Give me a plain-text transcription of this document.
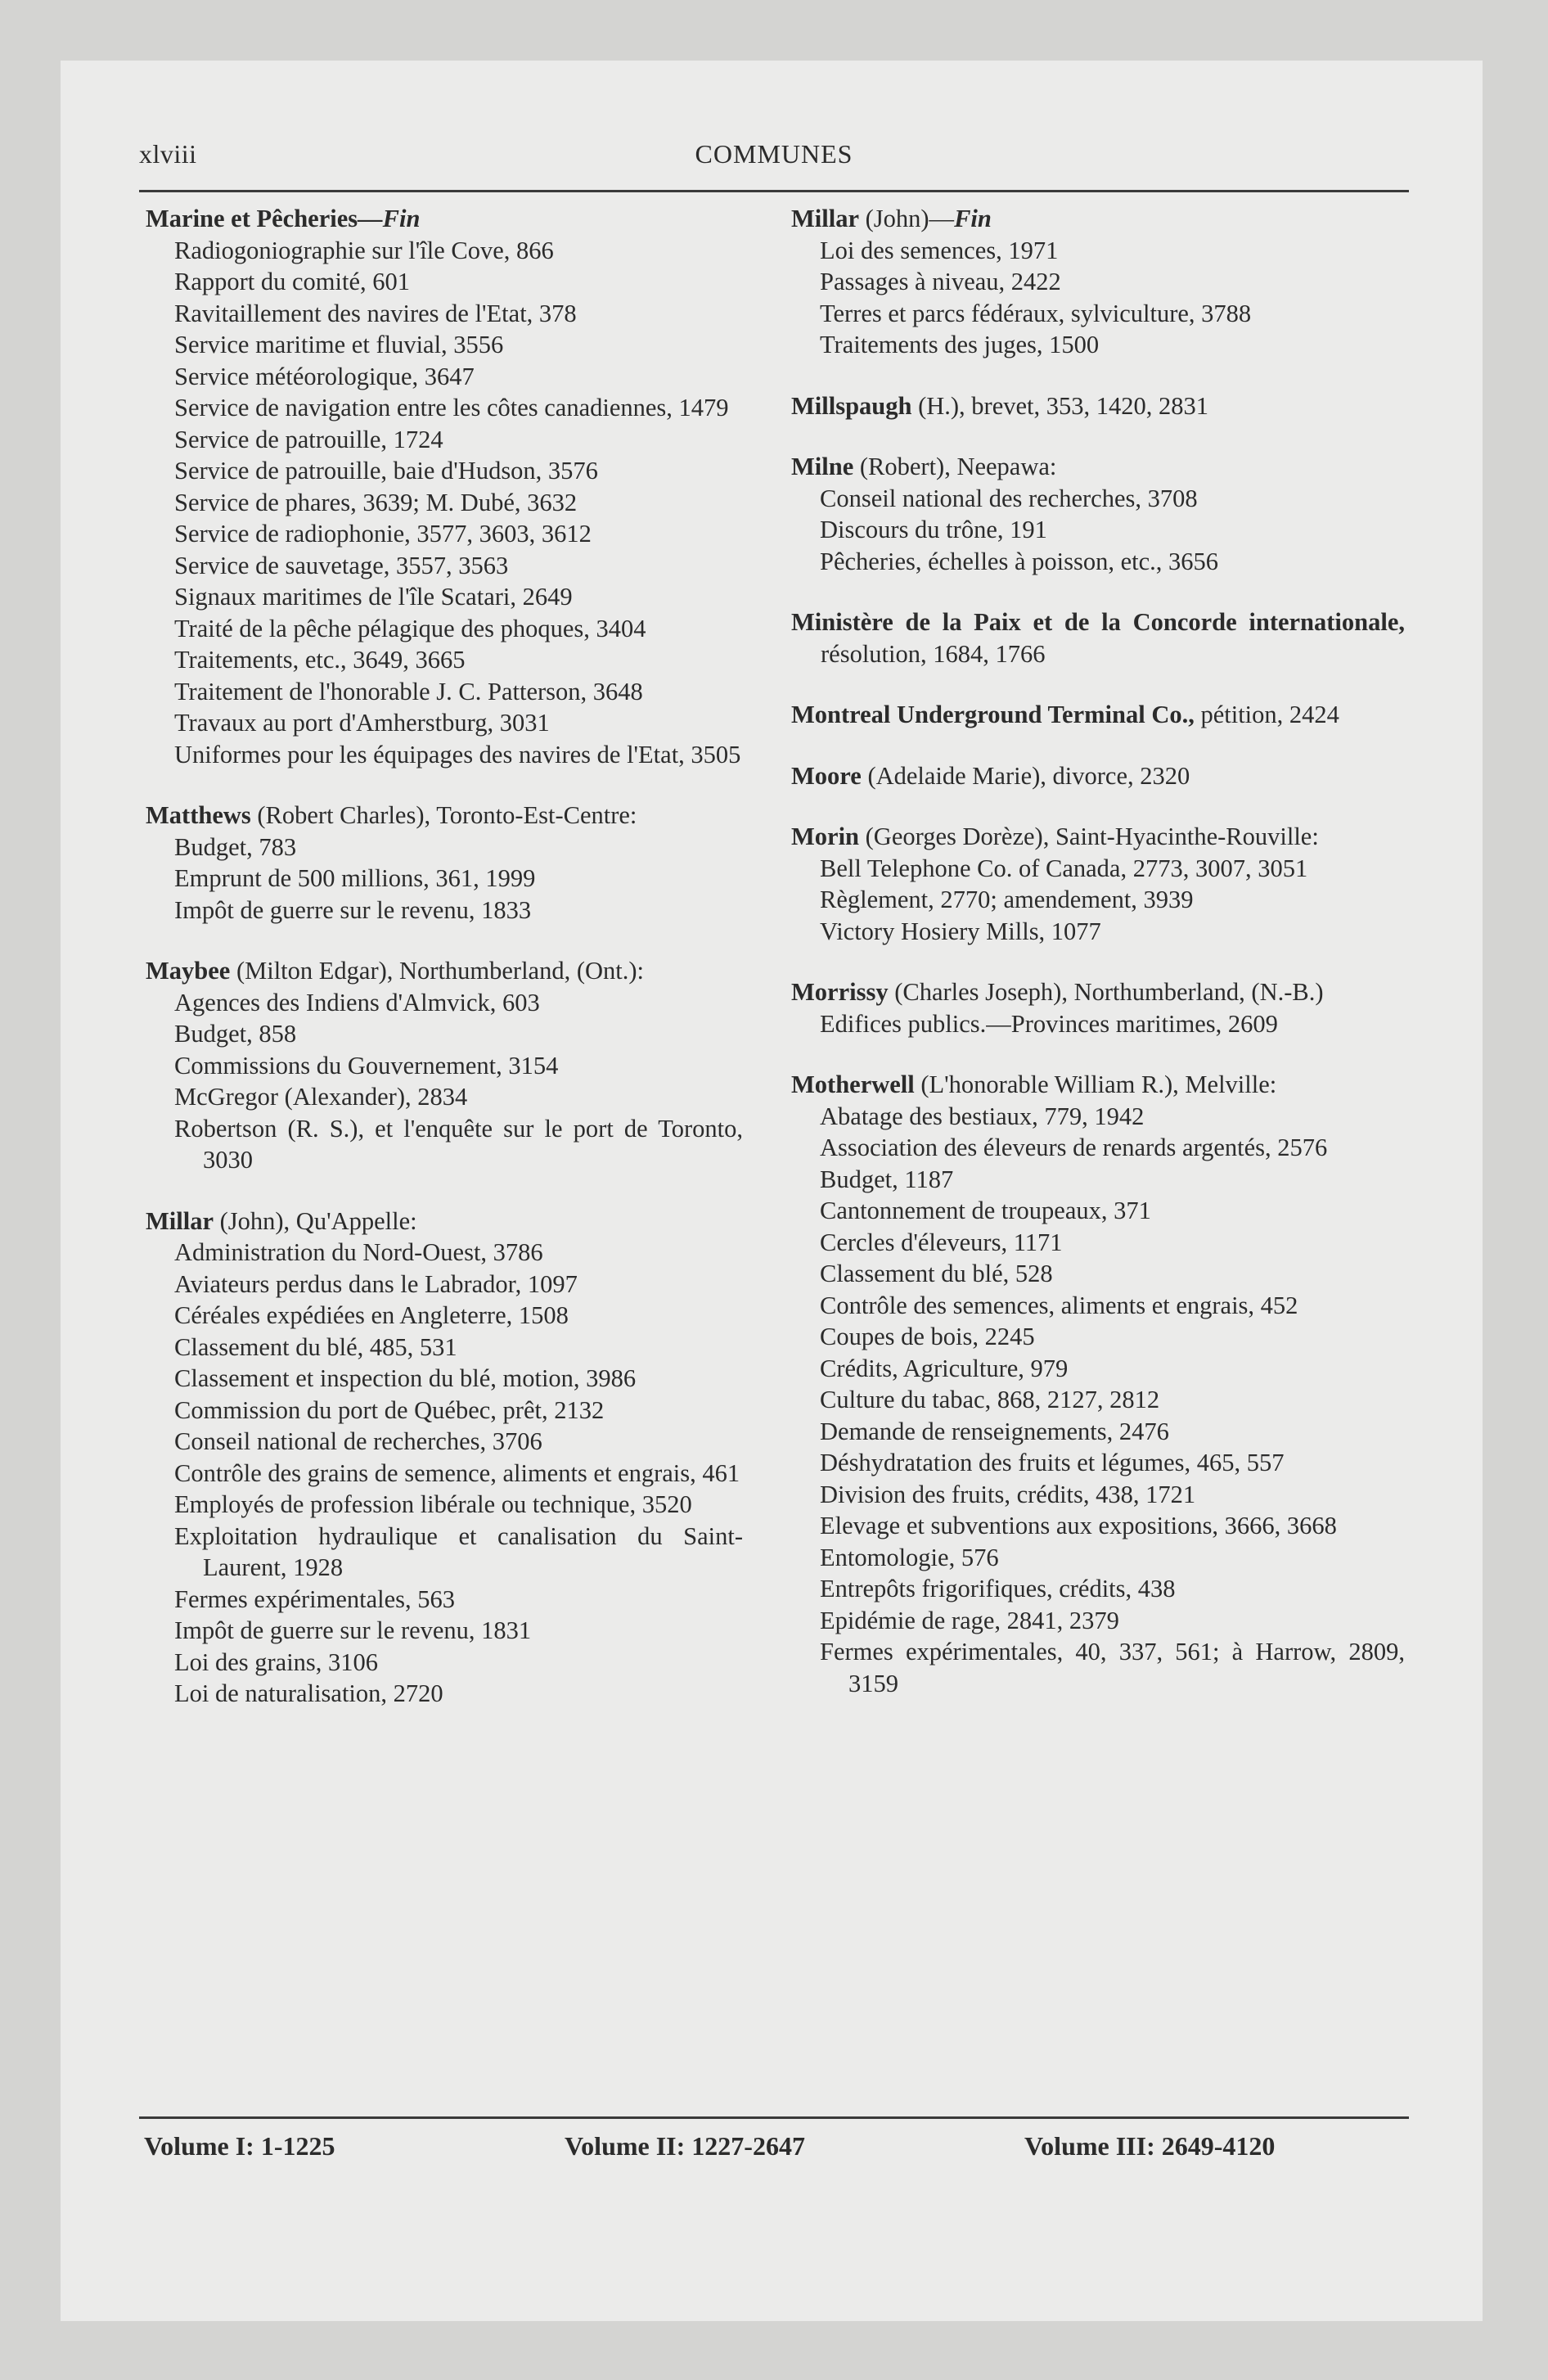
xlviii	COMMUNES
Marine et Pêcheries—Fin
Radiogoniographie sur l'île Cove, 866
Rapport du comité, 601
Ravitaillement des navires de l'Etat, 378
Service maritime et fluvial, 3556
Service météorologique, 3647
Service de navigation entre les côtes canadiennes, 1479
Service de patrouille, 1724
Service de patrouille, baie d'Hudson, 3576
Service de phares, 3639; M. Dubé, 3632
Service de radiophonie, 3577, 3603, 3612
Service de sauvetage, 3557, 3563
Signaux maritimes de l'île Scatari, 2649
Traité de la pêche pélagique des phoques, 3404
Traitements, etc., 3649, 3665
Traitement de l'honorable J. C. Patterson, 3648
Travaux au port d'Amherstburg, 3031
Uniformes pour les équipages des navires de l'Etat, 3505
Matthews (Robert Charles), Toronto-Est-Centre:
Budget, 783
Emprunt de 500 millions, 361, 1999
Impôt de guerre sur le revenu, 1833
Maybee (Milton Edgar), Northumberland, (Ont.):
Agences des Indiens d'Almvick, 603
Budget, 858
Commissions du Gouvernement, 3154
McGregor (Alexander), 2834
Robertson (R. S.), et l'enquête sur le port de Toronto, 3030
Millar (John), Qu'Appelle:
Administration du Nord-Ouest, 3786
Aviateurs perdus dans le Labrador, 1097
Céréales expédiées en Angleterre, 1508
Classement du blé, 485, 531
Classement et inspection du blé, motion, 3986
Commission du port de Québec, prêt, 2132
Conseil national de recherches, 3706
Contrôle des grains de semence, aliments et engrais, 461
Employés de profession libérale ou technique, 3520
Exploitation hydraulique et canalisation du Saint-Laurent, 1928
Fermes expérimentales, 563
Impôt de guerre sur le revenu, 1831
Loi des grains, 3106
Loi de naturalisation, 2720
Millar (John)—Fin
Loi des semences, 1971
Passages à niveau, 2422
Terres et parcs fédéraux, sylviculture, 3788
Traitements des juges, 1500
Millspaugh (H.), brevet, 353, 1420, 2831
Milne (Robert), Neepawa:
Conseil national des recherches, 3708
Discours du trône, 191
Pêcheries, échelles à poisson, etc., 3656
Ministère de la Paix et de la Concorde internationale, résolution, 1684, 1766
Montreal Underground Terminal Co., pétition, 2424
Moore (Adelaide Marie), divorce, 2320
Morin (Georges Dorèze), Saint-Hyacinthe-Rouville:
Bell Telephone Co. of Canada, 2773, 3007, 3051
Règlement, 2770; amendement, 3939
Victory Hosiery Mills, 1077
Morrissy (Charles Joseph), Northumberland, (N.-B.)
Edifices publics.—Provinces maritimes, 2609
Motherwell (L'honorable William R.), Melville:
Abatage des bestiaux, 779, 1942
Association des éleveurs de renards argentés, 2576
Budget, 1187
Cantonnement de troupeaux, 371
Cercles d'éleveurs, 1171
Classement du blé, 528
Contrôle des semences, aliments et engrais, 452
Coupes de bois, 2245
Crédits, Agriculture, 979
Culture du tabac, 868, 2127, 2812
Demande de renseignements, 2476
Déshydratation des fruits et légumes, 465, 557
Division des fruits, crédits, 438, 1721
Elevage et subventions aux expositions, 3666, 3668
Entomologie, 576
Entrepôts frigorifiques, crédits, 438
Epidémie de rage, 2841, 2379
Fermes expérimentales, 40, 337, 561; à Harrow, 2809, 3159
Volume I: 1-1225	Volume II: 1227-2647	Volume III: 2649-4120
